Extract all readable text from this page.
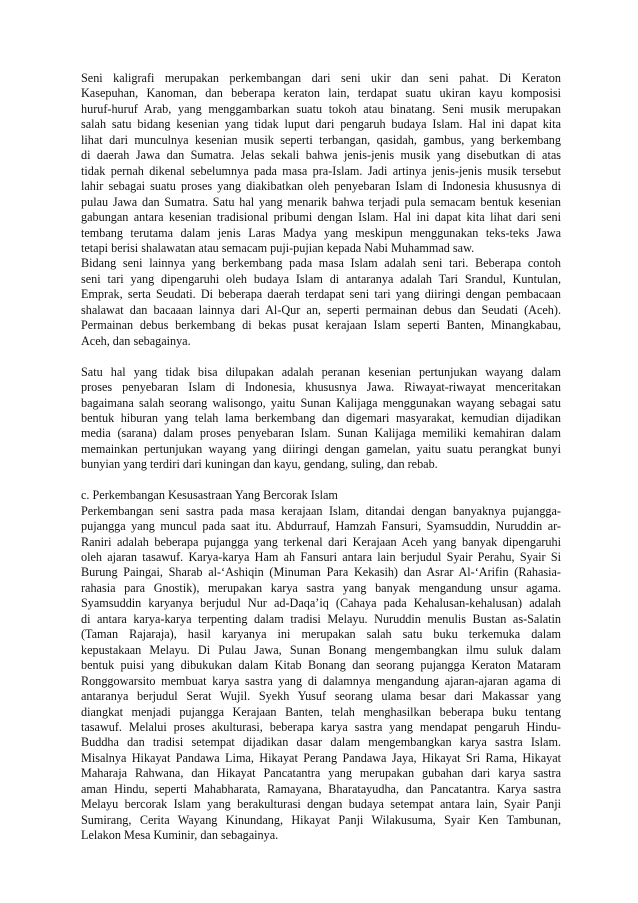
Seni kaligrafi merupakan perkembangan dari seni ukir dan seni pahat. Di Keraton
Kasepuhan, Kanoman, dan beberapa keraton lain, terdapat suatu ukiran kayu komposisi
huruf-huruf Arab, yang menggambarkan suatu tokoh atau binatang. Seni musik merupakan
salah satu bidang kesenian yang tidak luput dari pengaruh budaya Islam. Hal ini dapat kita
lihat dari munculnya kesenian musik seperti terbangan, qasidah, gambus, yang berkembang
di daerah Jawa dan Sumatra. Jelas sekali bahwa jenis-jenis musik yang disebutkan di atas
tidak pernah dikenal sebelumnya pada masa pra-Islam. Jadi artinya jenis-jenis musik tersebut
lahir sebagai suatu proses yang diakibatkan oleh penyebaran Islam di Indonesia khususnya di
pulau Jawa dan Sumatra. Satu hal yang menarik bahwa terjadi pula semacam bentuk kesenian
gabungan antara kesenian tradisional pribumi dengan Islam. Hal ini dapat kita lihat dari seni
tembang terutama dalam jenis Laras Madya yang meskipun menggunakan teks-teks Jawa
tetapi berisi shalawatan atau semacam puji-pujian kepada Nabi Muhammad saw.
Bidang seni lainnya yang berkembang pada masa Islam adalah seni tari. Beberapa contoh
seni tari yang dipengaruhi oleh budaya Islam di antaranya adalah Tari Srandul, Kuntulan,
Emprak, serta Seudati. Di beberapa daerah terdapat seni tari yang diiringi dengan pembacaan
shalawat dan bacaaan lainnya dari Al-Qur an, seperti permainan debus dan Seudati (Aceh).
Permainan debus berkembang di bekas pusat kerajaan Islam seperti Banten, Minangkabau,
Aceh, dan sebagainya.
Satu hal yang tidak bisa dilupakan adalah peranan kesenian pertunjukan wayang dalam
proses penyebaran Islam di Indonesia, khususnya Jawa. Riwayat-riwayat menceritakan
bagaimana salah seorang walisongo, yaitu Sunan Kalijaga menggunakan wayang sebagai satu
bentuk hiburan yang telah lama berkembang dan digemari masyarakat, kemudian dijadikan
media (sarana) dalam proses penyebaran Islam. Sunan Kalijaga memiliki kemahiran dalam
memainkan pertunjukan wayang yang diiringi dengan gamelan, yaitu suatu perangkat bunyi
bunyian yang terdiri dari kuningan dan kayu, gendang, suling, dan rebab.
c. Perkembangan Kesusastraan Yang Bercorak Islam
Perkembangan seni sastra pada masa kerajaan Islam, ditandai dengan banyaknya pujangga-
pujangga yang muncul pada saat itu. Abdurrauf, Hamzah Fansuri, Syamsuddin, Nuruddin ar-
Raniri adalah beberapa pujangga yang terkenal dari Kerajaan Aceh yang banyak dipengaruhi
oleh ajaran tasawuf. Karya-karya Ham ah Fansuri antara lain berjudul Syair Perahu, Syair Si
Burung Paingai, Sharab al-‘Ashiqin (Minuman Para Kekasih) dan Asrar Al-‘Arifin (Rahasia-
rahasia para Gnostik), merupakan karya sastra yang banyak mengandung unsur agama.
Syamsuddin karyanya berjudul Nur ad-Daqa’iq (Cahaya pada Kehalusan-kehalusan) adalah
di antara karya-karya terpenting dalam tradisi Melayu. Nuruddin menulis Bustan as-Salatin
(Taman Rajaraja), hasil karyanya ini merupakan salah satu buku terkemuka dalam
kepustakaan Melayu. Di Pulau Jawa, Sunan Bonang mengembangkan ilmu suluk dalam
bentuk puisi yang dibukukan dalam Kitab Bonang dan seorang pujangga Keraton Mataram
Ronggowarsito membuat karya sastra yang di dalamnya mengandung ajaran-ajaran agama di
antaranya berjudul Serat Wujil. Syekh Yusuf seorang ulama besar dari Makassar yang
diangkat menjadi pujangga Kerajaan Banten, telah menghasilkan beberapa buku tentang
tasawuf. Melalui proses akulturasi, beberapa karya sastra yang mendapat pengaruh Hindu-
Buddha dan tradisi setempat dijadikan dasar dalam mengembangkan karya sastra Islam.
Misalnya Hikayat Pandawa Lima, Hikayat Perang Pandawa Jaya, Hikayat Sri Rama, Hikayat
Maharaja Rahwana, dan Hikayat Pancatantra yang merupakan gubahan dari karya sastra
aman Hindu, seperti Mahabharata, Ramayana, Bharatayudha, dan Pancatantra. Karya sastra
Melayu bercorak Islam yang berakulturasi dengan budaya setempat antara lain, Syair Panji
Sumirang, Cerita Wayang Kinundang, Hikayat Panji Wilakusuma, Syair Ken Tambunan,
Lelakon Mesa Kuminir, dan sebagainya.
